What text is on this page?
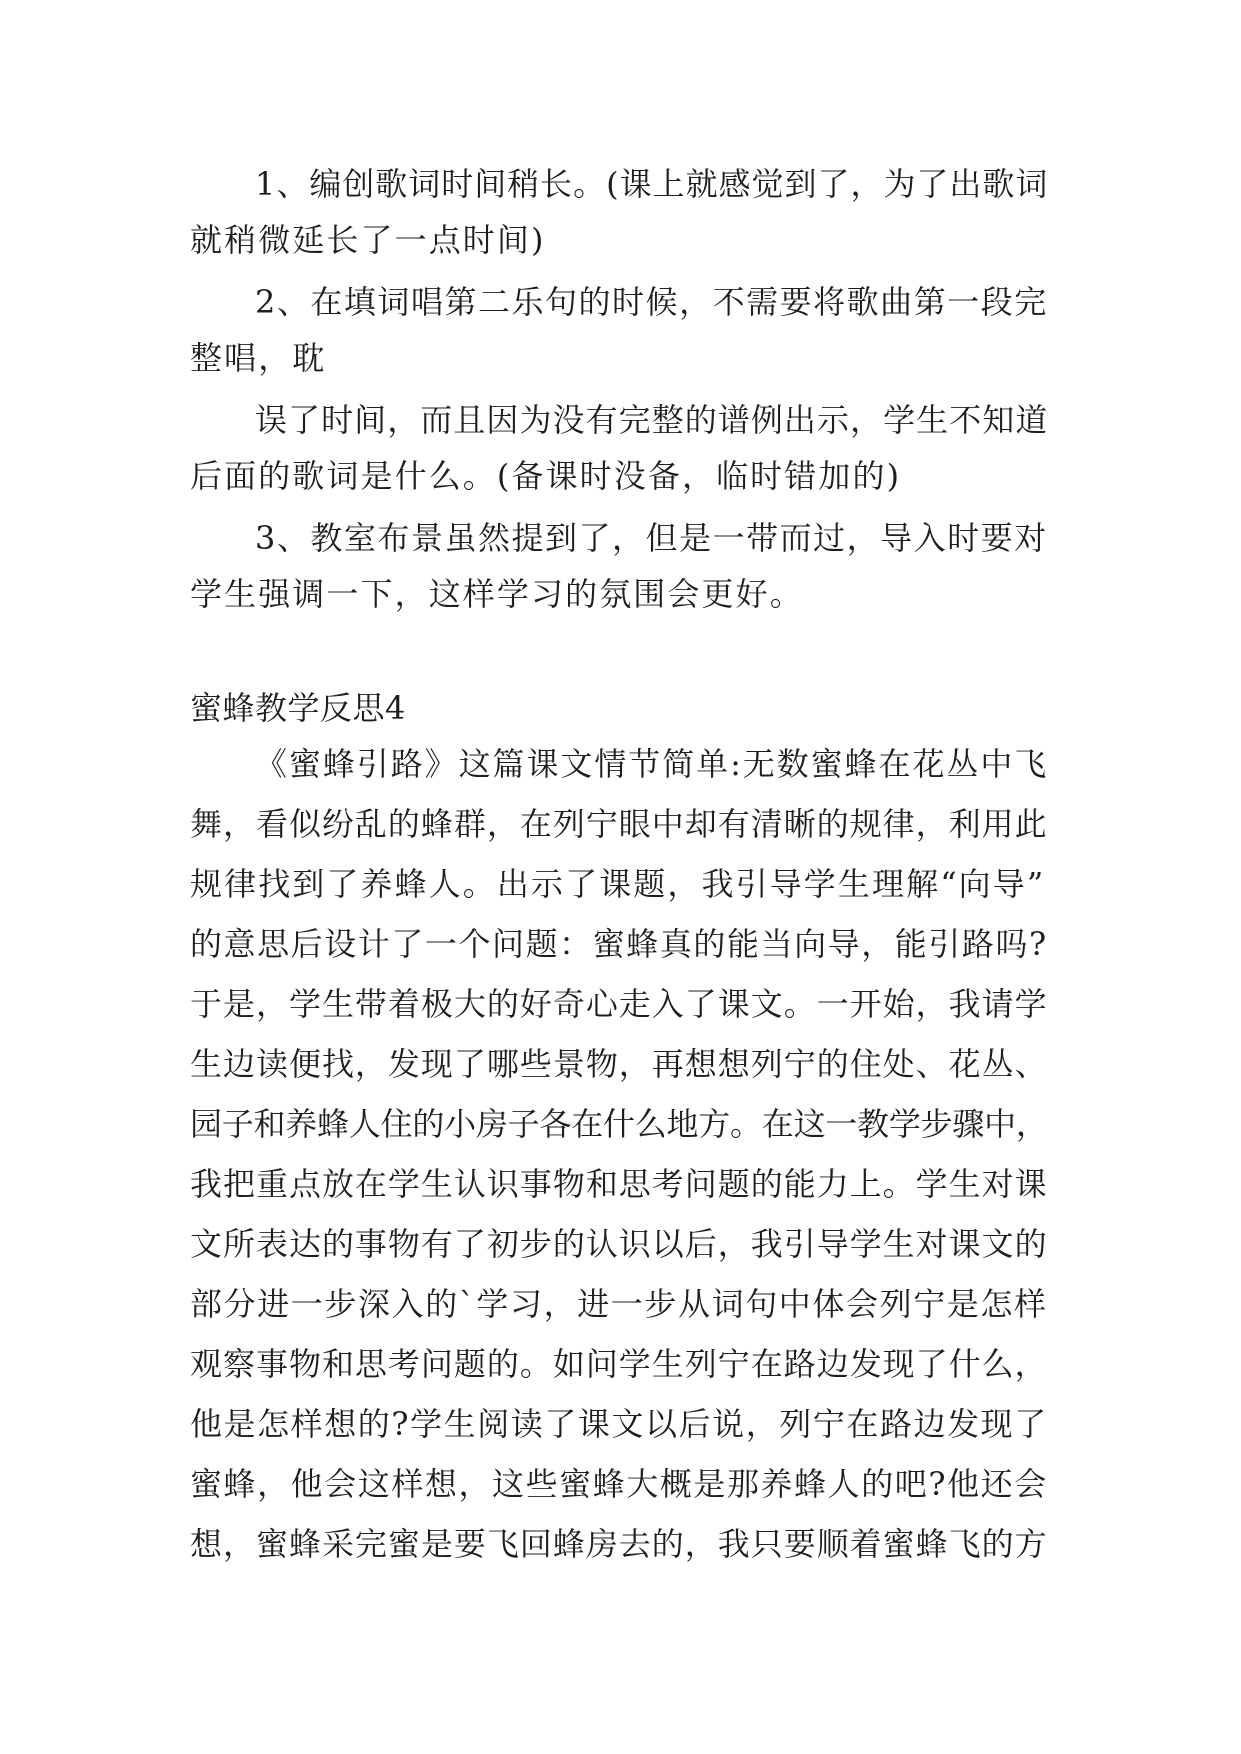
1、编创歌词时间稍长。(课上就感觉到了，为了出歌词
就稍微延长了一点时间)
2、在填词唱第二乐句的时候，不需要将歌曲第一段完
整唱，耽
误了时间，而且因为没有完整的谱例出示，学生不知道
后面的歌词是什么。(备课时没备，临时错加的)
3、教室布景虽然提到了，但是一带而过，导入时要对
学生强调一下，这样学习的氛围会更好。
蜜蜂教学反思4
《蜜蜂引路》这篇课文情节简单:无数蜜蜂在花丛中飞
舞，看似纷乱的蜂群，在列宁眼中却有清晰的规律，利用此
规律找到了养蜂人。出示了课题，我引导学生理解“向导”
的意思后设计了一个问题：蜜蜂真的能当向导，能引路吗?
于是，学生带着极大的好奇心走入了课文。一开始，我请学
生边读便找，发现了哪些景物，再想想列宁的住处、花丛、
园子和养蜂人住的小房子各在什么地方。在这一教学步骤中，
我把重点放在学生认识事物和思考问题的能力上。学生对课
文所表达的事物有了初步的认识以后，我引导学生对课文的
部分进一步深入的`学习，进一步从词句中体会列宁是怎样
观察事物和思考问题的。如问学生列宁在路边发现了什么，
他是怎样想的?学生阅读了课文以后说，列宁在路边发现了
蜜蜂，他会这样想，这些蜜蜂大概是那养蜂人的吧?他还会
想，蜜蜂采完蜜是要飞回蜂房去的，我只要顺着蜜蜂飞的方
